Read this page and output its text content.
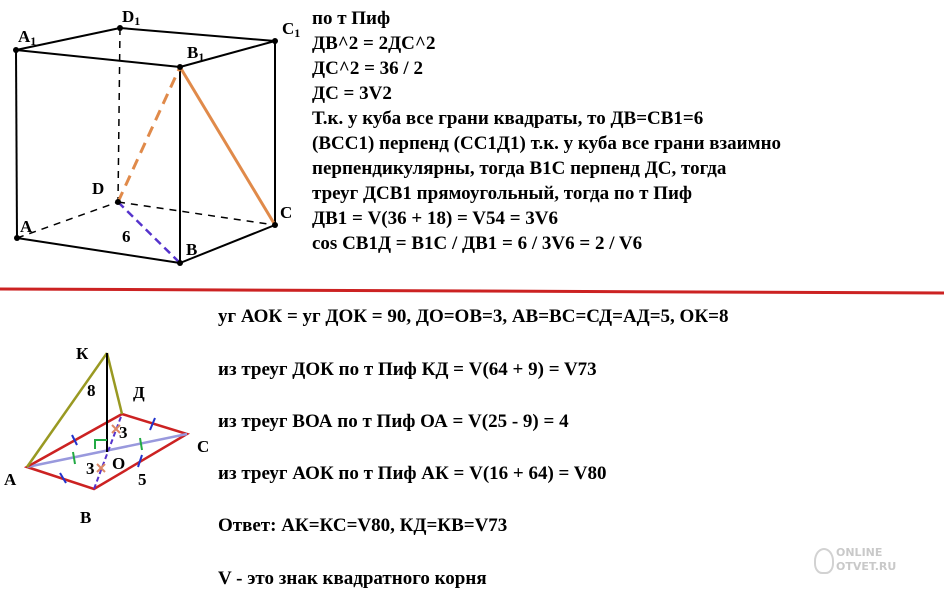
A1
D1	C1
B1
D
C
A
B
6
К
Д
С
А
В
О
8
3
3
5
по т Пиф
ДВ^2 = 2ДС^2
ДС^2 = 36 / 2
ДС = 3V2
Т.к. у куба все грани квадраты, то ДВ=СВ1=6
(ВСС1) перпенд (СС1Д1) т.к. у куба все грани взаимно
перпендикулярны, тогда В1С перпенд ДС, тогда
треуг ДСВ1 прямоугольный, тогда по т Пиф
ДВ1 = V(36 + 18) = V54 = 3V6
cos СВ1Д = В1С / ДВ1 = 6 / 3V6 = 2 / V6
уг АОК = уг ДОК = 90, ДО=ОВ=3, АВ=ВС=СД=АД=5, ОК=8
из треуг ДОК по т Пиф КД = V(64 + 9) = V73
из треуг ВОА по т Пиф ОА = V(25 - 9) = 4
из треуг АОК по т Пиф АК = V(16 + 64) = V80
Ответ: АК=КС=V80, КД=КВ=V73
V - это знак квадратного корня
ONLINE
OTVET.RU
